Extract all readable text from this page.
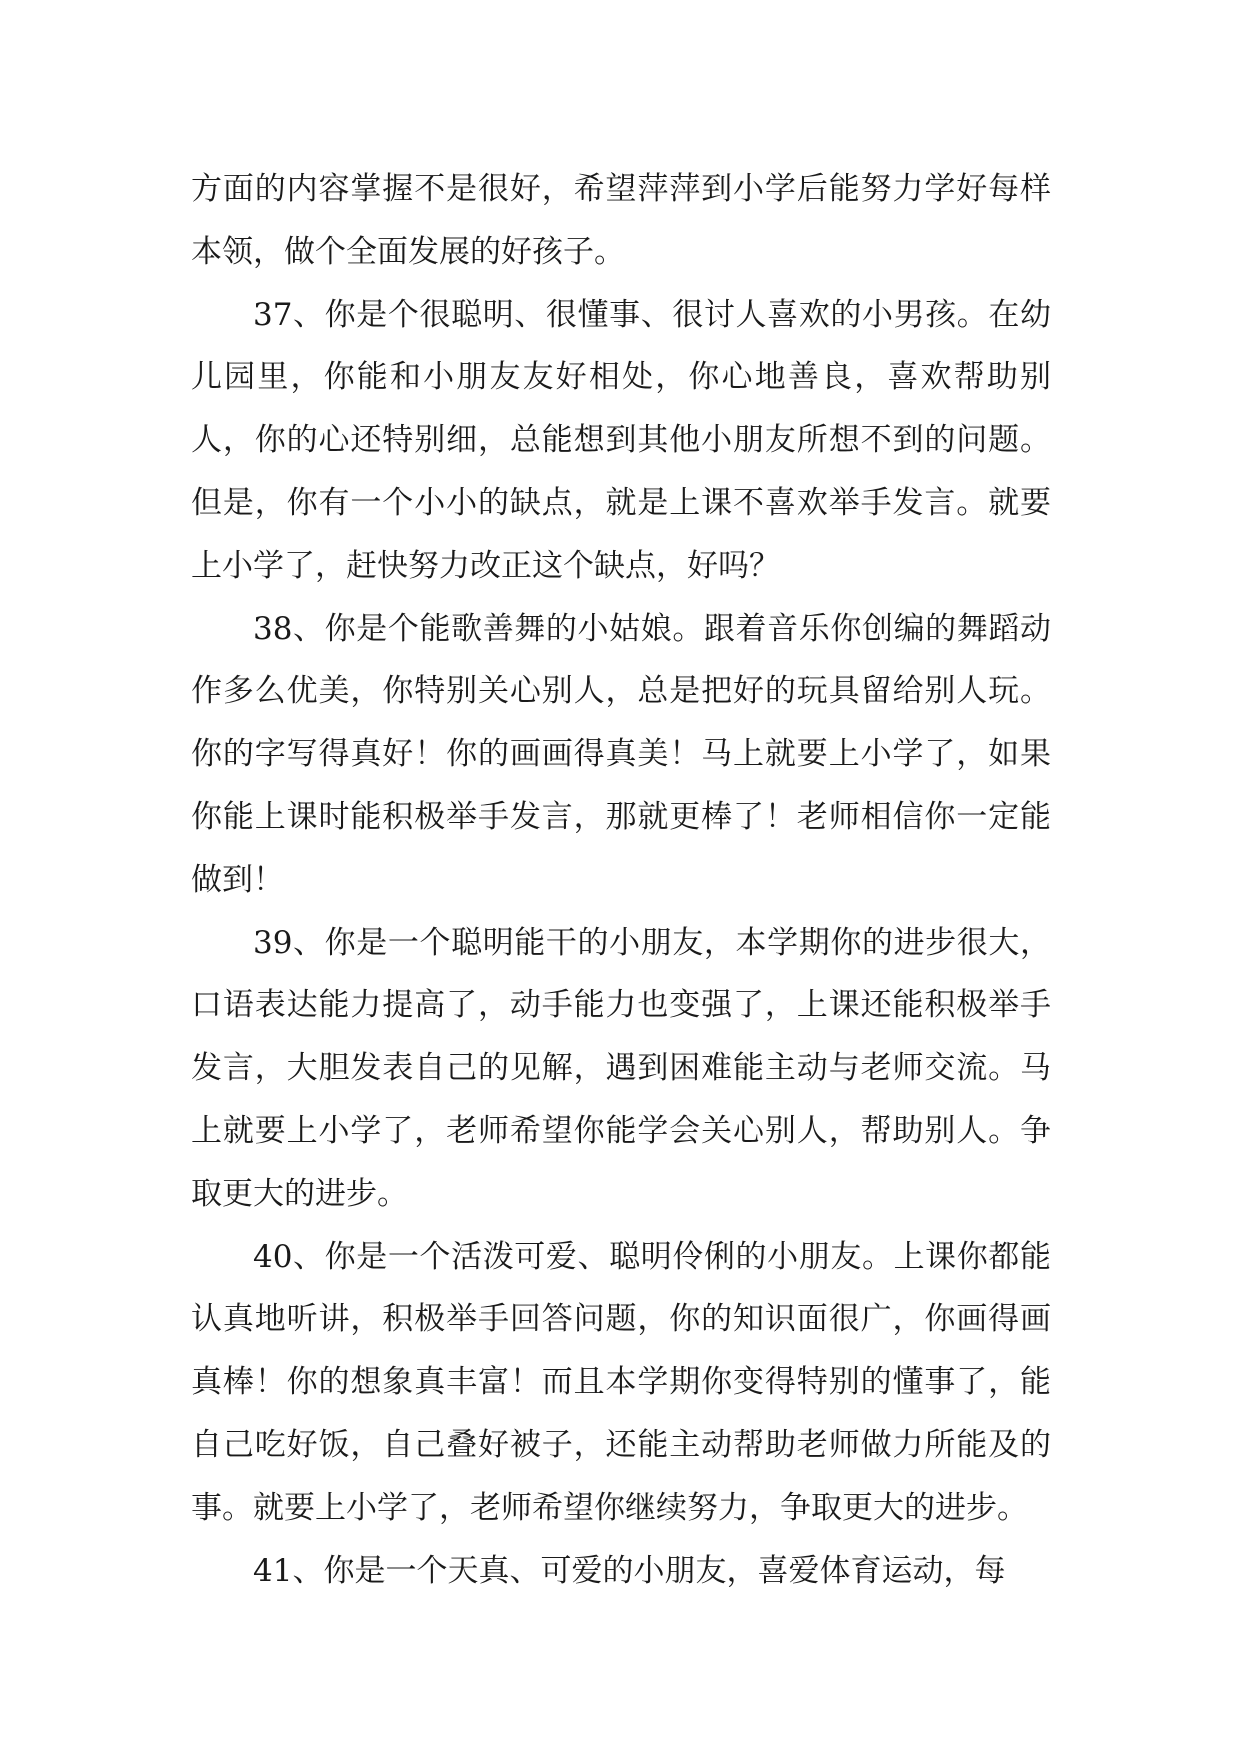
方面的内容掌握不是很好，希望萍萍到小学后能努力学好每样本领，做个全面发展的好孩子。

37、你是个很聪明、很懂事、很讨人喜欢的小男孩。在幼儿园里，你能和小朋友友好相处，你心地善良，喜欢帮助别人，你的心还特别细，总能想到其他小朋友所想不到的问题。但是，你有一个小小的缺点，就是上课不喜欢举手发言。就要上小学了，赶快努力改正这个缺点，好吗？

38、你是个能歌善舞的小姑娘。跟着音乐你创编的舞蹈动作多么优美，你特别关心别人，总是把好的玩具留给别人玩。你的字写得真好！你的画画得真美！马上就要上小学了，如果你能上课时能积极举手发言，那就更棒了！老师相信你一定能做到！

39、你是一个聪明能干的小朋友，本学期你的进步很大，口语表达能力提高了，动手能力也变强了，上课还能积极举手发言，大胆发表自己的见解，遇到困难能主动与老师交流。马上就要上小学了，老师希望你能学会关心别人，帮助别人。争取更大的进步。

40、你是一个活泼可爱、聪明伶俐的小朋友。上课你都能认真地听讲，积极举手回答问题，你的知识面很广，你画得画真棒！你的想象真丰富！而且本学期你变得特别的懂事了，能自己吃好饭，自己叠好被子，还能主动帮助老师做力所能及的事。就要上小学了，老师希望你继续努力，争取更大的进步。

41、你是一个天真、可爱的小朋友，喜爱体育运动，每
